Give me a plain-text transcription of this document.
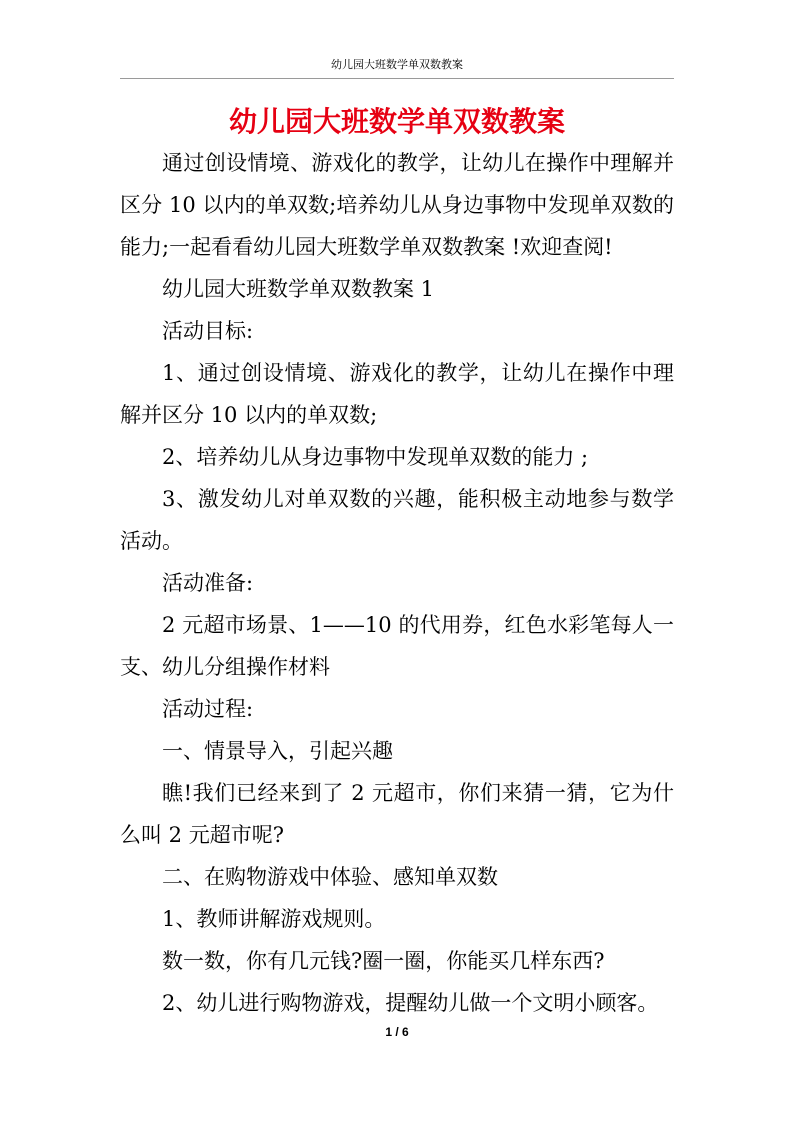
幼儿园大班数学单双数教案
幼儿园大班数学单双数教案

通过创设情境、游戏化的教学，让幼儿在操作中理解并区分 10 以内的单双数;培养幼儿从身边事物中发现单双数的能力;一起看看幼儿园大班数学单双数教案 !欢迎查阅!

幼儿园大班数学单双数教案 1

活动目标:

1、通过创设情境、游戏化的教学，让幼儿在操作中理解并区分 10 以内的单双数;

2、培养幼儿从身边事物中发现单双数的能力 ;

3、激发幼儿对单双数的兴趣，能积极主动地参与数学活动。

活动准备:

2 元超市场景、1——10 的代用券，红色水彩笔每人一支、幼儿分组操作材料

活动过程:

一、情景导入，引起兴趣

瞧!我们已经来到了 2 元超市，你们来猜一猜，它为什么叫 2 元超市呢?

二、在购物游戏中体验、感知单双数

1、教师讲解游戏规则。

数一数，你有几元钱?圈一圈，你能买几样东西?

2、幼儿进行购物游戏，提醒幼儿做一个文明小顾客。

1 / 6
